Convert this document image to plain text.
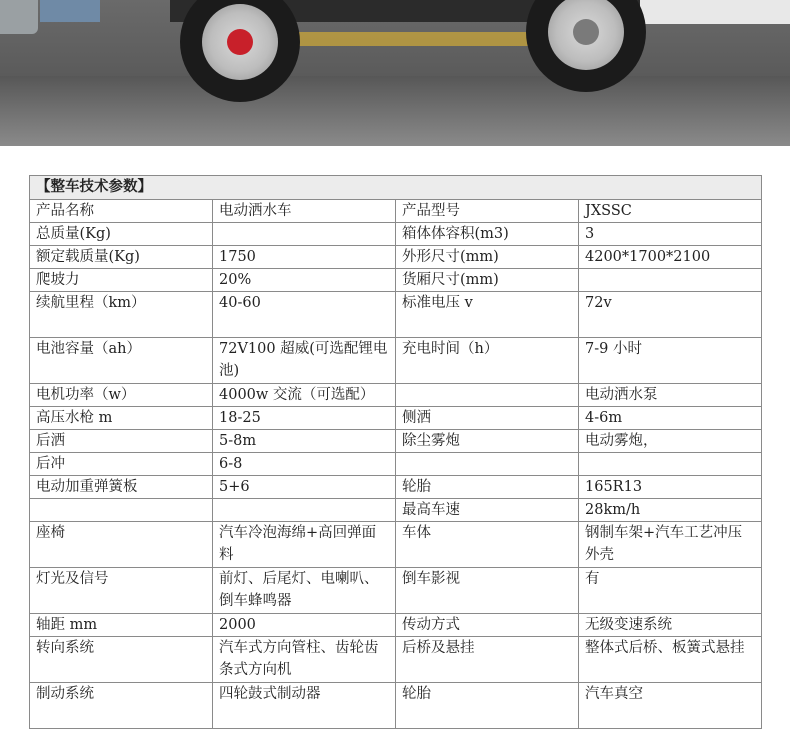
【整车技术参数】			
产品名称	电动洒水车	产品型号	JXSSC
总质量(Kg)		箱体体容积(m3)	3
额定载质量(Kg)	1750	外形尺寸(mm)	4200*1700*2100
爬坡力	20%	货厢尺寸(mm)	
续航里程（km）	40-60	标准电压 v	72v
电池容量（ah）	72V100 超威(可选配锂电池)	充电时间（h）	7-9 小时
电机功率（w）	4000w 交流（可选配）		电动洒水泵
高压水枪 m	18-25	侧洒	4-6m
后洒	5-8m	除尘雾炮	电动雾炮，
后冲	6-8		
电动加重弹簧板	5+6	轮胎	165R13
		最高车速	28km/h
座椅	汽车冷泡海绵+高回弹面料	车体	钢制车架+汽车工艺冲压外壳
灯光及信号	前灯、后尾灯、电喇叭、倒车蜂鸣器	倒车影视	有
轴距 mm	2000	传动方式	无级变速系统
转向系统	汽车式方向管柱、齿轮齿条式方向机	后桥及悬挂	整体式后桥、板簧式悬挂
制动系统	四轮鼓式制动器	轮胎	汽车真空
